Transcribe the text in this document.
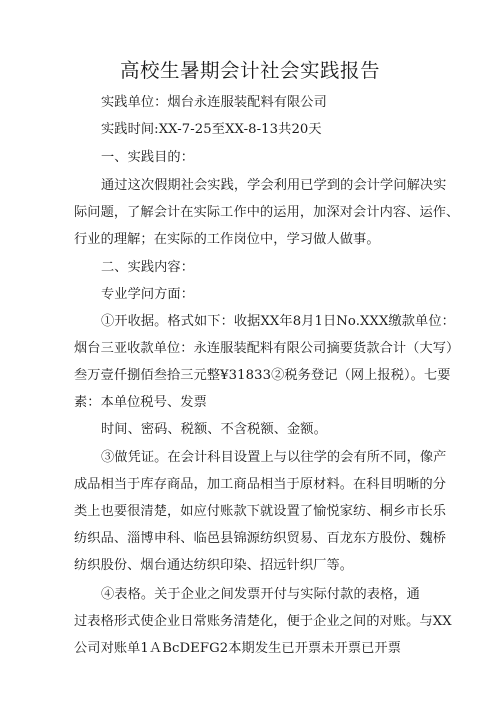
高校生暑期会计社会实践报告
实践单位：烟台永连服装配料有限公司
实践时间:XX-7-25至XX-8-13共20天
一、实践目的：
通过这次假期社会实践，学会利用已学到的会计学问解决实
际问题，了解会计在实际工作中的运用，加深对会计内容、运作、
行业的理解；在实际的工作岗位中，学习做人做事。
二、实践内容：
专业学问方面：
①开收据。格式如下：收据XX年8月1日No.XXX缴款单位：
烟台三亚收款单位：永连服装配料有限公司摘要货款合计（大写）
叁万壹仟捌佰叁拾三元整¥31833②税务登记（网上报税）。七要
素：本单位税号、发票
时间、密码、税额、不含税额、金额。
③做凭证。在会计科目设置上与以往学的会有所不同，像产
成品相当于库存商品，加工商品相当于原材料。在科目明晰的分
类上也要很清楚，如应付账款下就设置了愉悦家纺、桐乡市长乐
纺织品、淄博申科、临邑县锦源纺织贸易、百龙东方股份、魏桥
纺织股份、烟台通达纺织印染、招远针织厂等。
④表格。关于企业之间发票开付与实际付款的表格，通
过表格形式使企业日常账务清楚化，便于企业之间的对账。与XX
公司对账单1ＡBcDEFG2本期发生已开票未开票已开票
